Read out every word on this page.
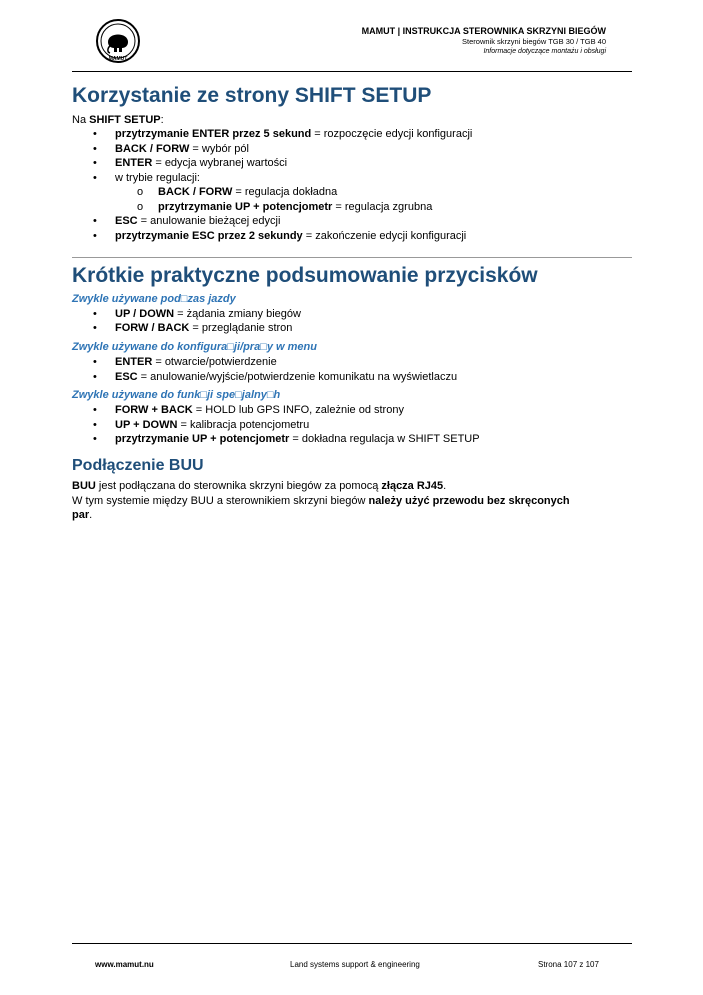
MAMUT
MAMUT | INSTRUKCJA STEROWNIKA SKRZYNI BIEGÓW
Sterownik skrzyni biegów TGB 30 / TGB 40
Informacje dotyczące montażu i obsługi
Korzystanie ze strony SHIFT SETUP
Na SHIFT SETUP:
• przytrzymanie ENTER przez 5 sekund = rozpoczęcie edycji konfiguracji
• BACK / FORW = wybór pól
• ENTER = edycja wybranej wartości
• w trybie regulacji:
o BACK / FORW = regulacja dokładna
o przytrzymanie UP + potencjometr = regulacja zgrubna
• ESC = anulowanie bieżącej edycji
• przytrzymanie ESC przez 2 sekundy = zakończenie edycji konfiguracji
Krótkie praktyczne podsumowanie przycisków
Zwykle używane pod□zas jazdy
• UP / DOWN = żądania zmiany biegów
• FORW / BACK = przeglądanie stron
Zwykle używane do konfigura□ji/pra□y w menu
• ENTER = otwarcie/potwierdzenie
• ESC = anulowanie/wyjście/potwierdzenie komunikatu na wyświetlaczu
Zwykle używane do funk□ji spe□jalny□h
• FORW + BACK = HOLD lub GPS INFO, zależnie od strony
• UP + DOWN = kalibracja potencjometru
• przytrzymanie UP + potencjometr = dokładna regulacja w SHIFT SETUP
Podłączenie BUU
BUU jest podłączana do sterownika skrzyni biegów za pomocą złącza RJ45.
W tym systemie między BUU a sterownikiem skrzyni biegów należy użyć przewodu bez skręconych
par.
www.mamut.nu	Land systems support & engineering	Strona 107 z 107
